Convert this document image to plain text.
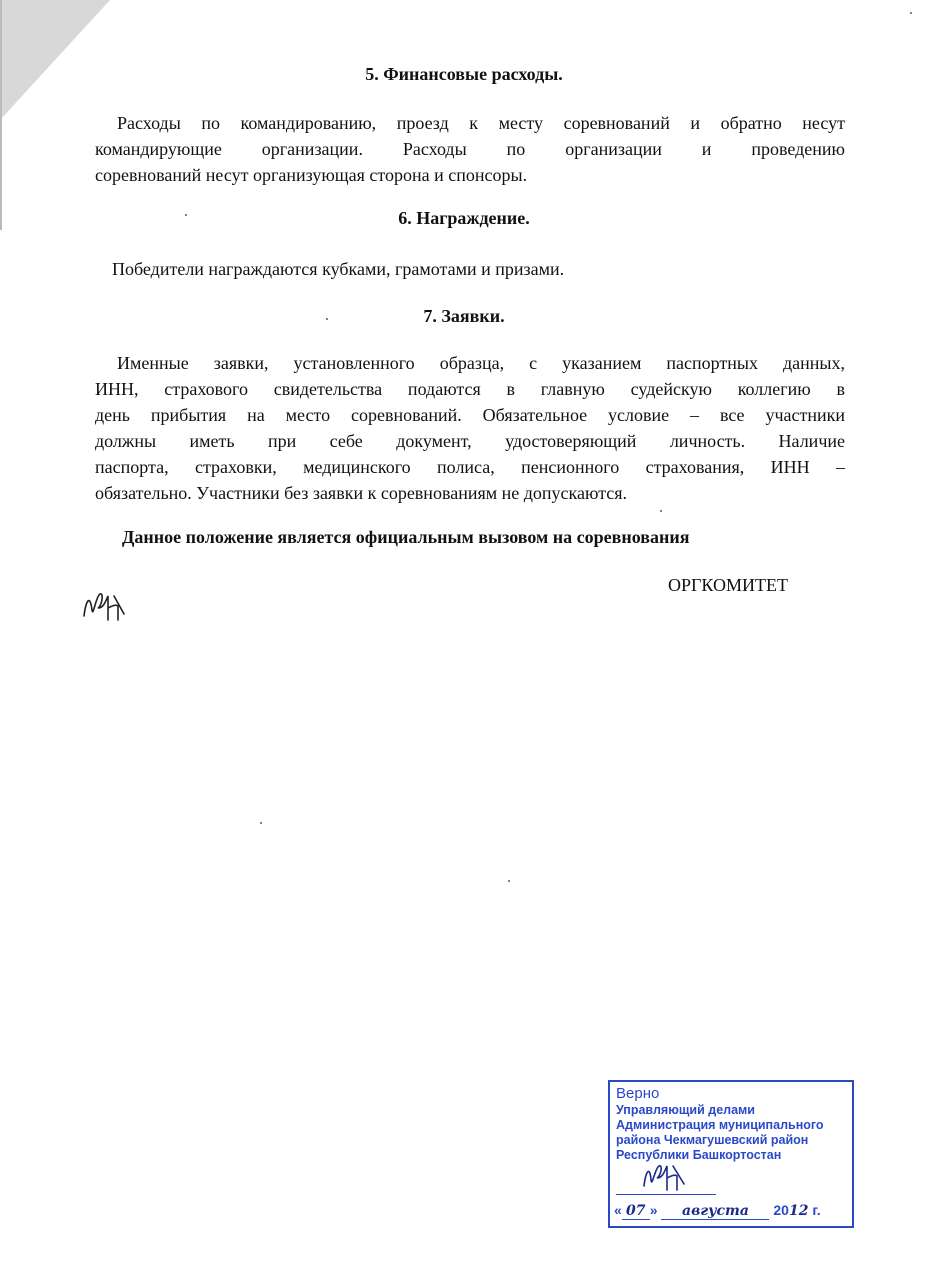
5. Финансовые расходы.
Расходы по командированию, проезд к месту соревнований и обратно несут
командирующие организации. Расходы по организации и проведению
соревнований несут организующая сторона и спонсоры.
6. Награждение.
Победители награждаются кубками, грамотами и призами.
7. Заявки.
Именные заявки, установленного образца, с указанием паспортных данных,
ИНН, страхового свидетельства подаются в главную судейскую коллегию в
день прибытия на место соревнований. Обязательное условие – все участники
должны иметь при себе документ, удостоверяющий личность. Наличие
паспорта, страховки, медицинского полиса, пенсионного страхования, ИНН –
обязательно. Участники без заявки к соревнованиям не допускаются.
Данное положение является официальным вызовом на соревнования
ОРГКОМИТЕТ
Верно
Управляющий делами
Администрация муниципального
района Чекмагушевский район
Республики Башкортостан
« 07 » августа 2012 г.
